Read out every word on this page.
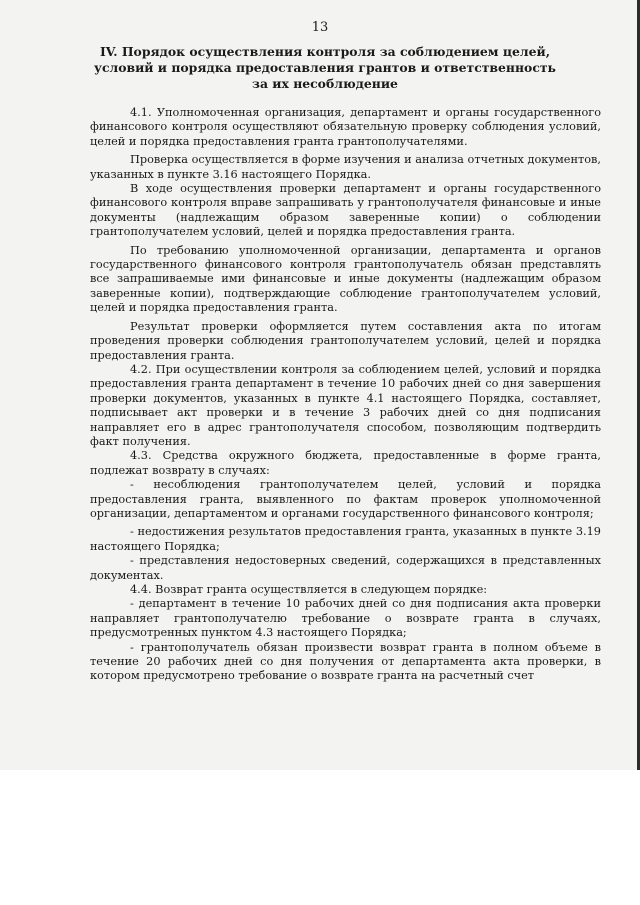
13
IV. Порядок осуществления контроля за соблюдением целей,
условий и порядка предоставления грантов и ответственность
за их несоблюдение

4.1. Уполномоченная организация, департамент и органы государственного финансового контроля осуществляют обязательную проверку соблюдения условий, целей и порядка предоставления гранта грантополучателями.

Проверка осуществляется в форме изучения и анализа отчетных документов, указанных в пункте 3.16 настоящего Порядка.

В ходе осуществления проверки департамент и органы государственного финансового контроля вправе запрашивать у грантополучателя финансовые и иные документы (надлежащим образом заверенные копии) о соблюдении грантополучателем условий, целей и порядка предоставления гранта.

По требованию уполномоченной организации, департамента и органов государственного финансового контроля грантополучатель обязан представлять все запрашиваемые ими финансовые и иные документы (надлежащим образом заверенные копии), подтверждающие соблюдение грантополучателем условий, целей и порядка предоставления гранта.

Результат проверки оформляется путем составления акта по итогам проведения проверки соблюдения грантополучателем условий, целей и порядка предоставления гранта.

4.2. При осуществлении контроля за соблюдением целей, условий и порядка предоставления гранта департамент в течение 10 рабочих дней со дня завершения проверки документов, указанных в пункте 4.1 настоящего Порядка, составляет, подписывает акт проверки и в течение 3 рабочих дней со дня подписания направляет его в адрес грантополучателя способом, позволяющим подтвердить факт получения.

4.3. Средства окружного бюджета, предоставленные в форме гранта, подлежат возврату в случаях:

- несоблюдения грантополучателем целей, условий и порядка предоставления гранта, выявленного по фактам проверок уполномоченной организации, департаментом и органами государственного финансового контроля;

- недостижения результатов предоставления гранта, указанных в пункте 3.19 настоящего Порядка;

- представления недостоверных сведений, содержащихся в представленных документах.

4.4. Возврат гранта осуществляется в следующем порядке:

- департамент в течение 10 рабочих дней со дня подписания акта проверки направляет грантополучателю требование о возврате гранта в случаях, предусмотренных пунктом 4.3 настоящего Порядка;

- грантополучатель обязан произвести возврат гранта в полном объеме в течение 20 рабочих дней со дня получения от департамента акта проверки, в котором предусмотрено требование о возврате гранта на расчетный счет
